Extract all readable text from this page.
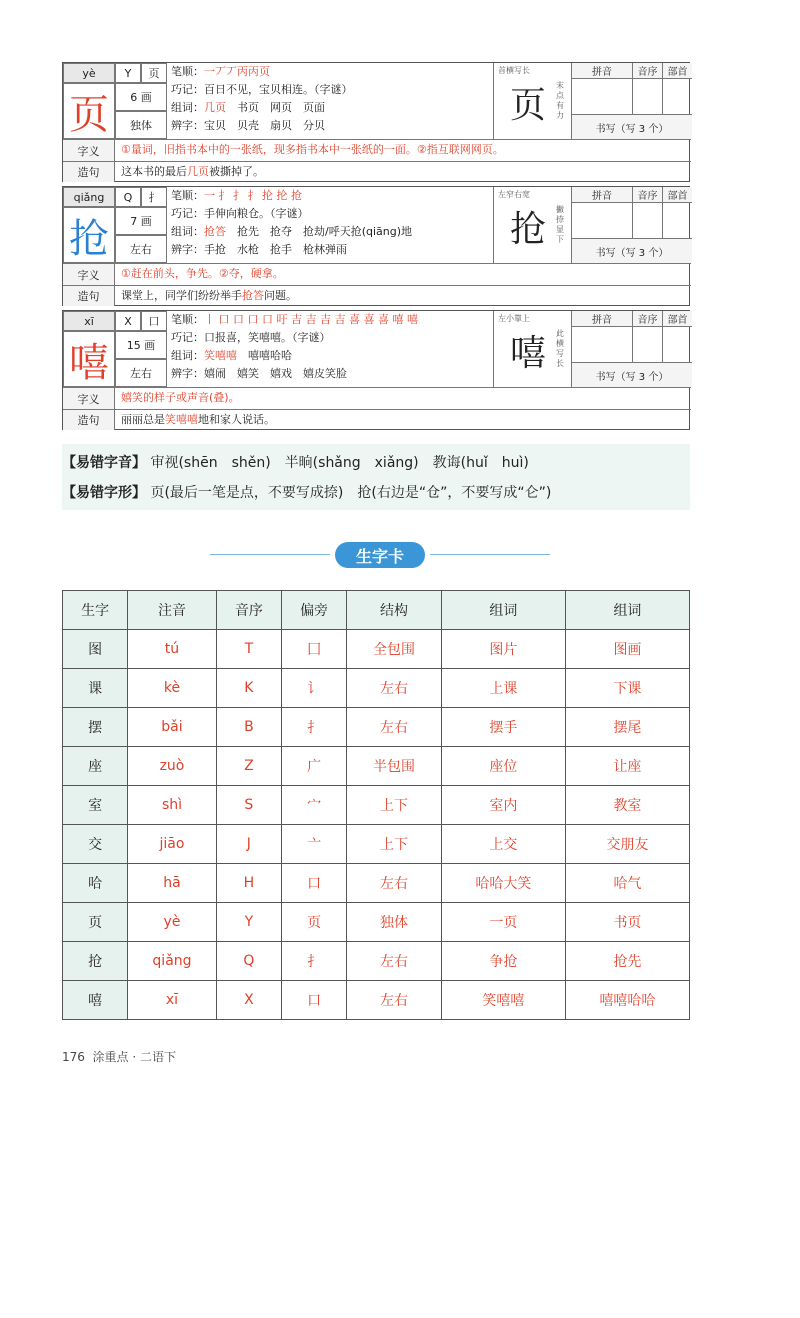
yè	Y 页
页 6 画
独体
笔顺：一丆丆丙丙页
巧记：百日不见，宝贝相连。（字谜）
组词：几页　 书页　网页　页面
辨字：宝贝　贝壳　扇贝　分贝
首横写长
页 末点有力
拼音	音序	部首
书写（写 3 个）
字义	①量词，旧指书本中的一张纸，现多指书本中一张纸的一面。②指互联网网页。
造句	这本书的最后几页被撕掉了。
qiǎng Q 扌
抢 7 画
左右
笔顺：一 扌 扌 扌 抡 抡 抢
巧记：手伸向粮仓。（字谜）
组词：抢答　 抢先　抢夺　抢劫/呼天抢(qiāng)地
辨字：手抢　水枪　抢手　枪林弹雨
左窄右宽
抢 撇捺显下
拼音	音序	部首
书写（写 3 个）
字义	①赶在前头，争先。②夺，硬拿。
造句	课堂上，同学们纷纷举手抢答问题。
xī	X 口
嘻 15 画
左右
笔顺：丨 口 口 口 口 吁 吉 吉 吉 吉 喜 喜 喜 嘻 嘻
巧记：口报喜，笑嘻嘻。（字谜）
组词：笑嘻嘻　 嘻嘻哈哈
辨字：嬉闹　嬉笑　嬉戏　嬉皮笑脸
左小靠上
嘻 此横写长
拼音	音序	部首
书写（写 3 个）
字义	嬉笑的样子或声音(叠)。
造句	丽丽总是笑嘻嘻地和家人说话。
【易错字音】 审视(shēn　shěn)　半晌(shǎng　xiǎng)　教诲(huǐ　huì)
【易错字形】 页(最后一笔是点，不要写成捺)　抢(右边是“仓”，不要写成“仑”)
生字卡
生字	注音	音序	偏旁	结构	组词	组词
图	tú	T	囗	全包围	图片	图画
课	kè	K	讠	左右	上课	下课
摆	bǎi	B	扌	左右	摆手	摆尾
座	zuò	Z	广	半包围	座位	让座
室	shì	S	宀	上下	室内	教室
交	jiāo	J	亠	上下	上交	交朋友
哈	hā	H	口	左右	哈哈大笑	哈气
页	yè	Y	页	独体	一页	书页
抢	qiǎng	Q	扌	左右	争抢	抢先
嘻	xī	X	口	左右	笑嘻嘻	嘻嘻哈哈
176 涂重点 · 二语下
